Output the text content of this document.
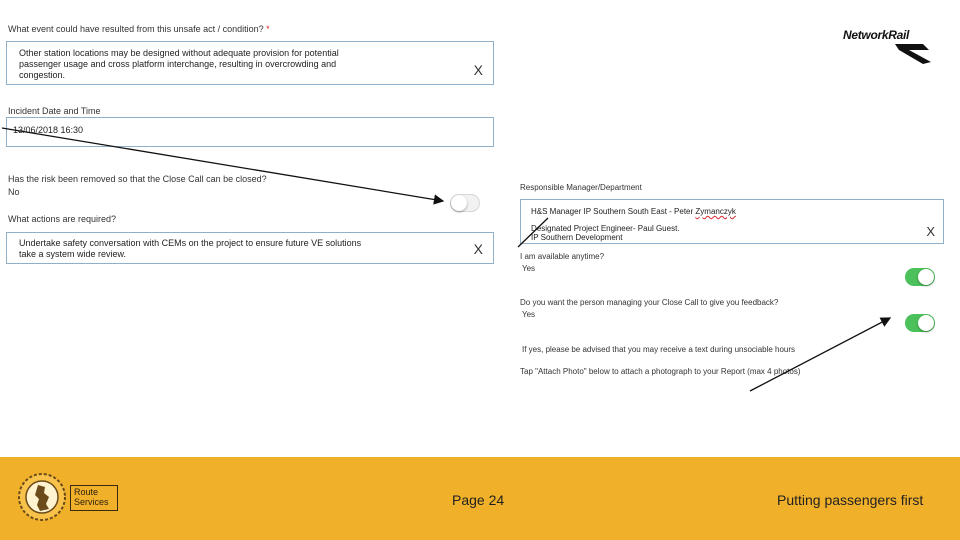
What event could have resulted from this unsafe act / condition? *
Other station locations may be designed without adequate provision for potential
passenger usage and cross platform interchange, resulting in overcrowding and
congestion.	X
Incident Date and Time
13/06/2018 16:30
Has the risk been removed so that the Close Call can be closed?
No
What actions are required?
Undertake safety conversation with CEMs on the project to ensure future VE solutions
take a system wide review.	X
NetworkRail
Responsible Manager/Department
H&S Manager IP Southern South East - Peter Zymanczyk
Designated Project Engineer- Paul Guest.
IP Southern Development	X
I am available anytime?
Yes
Do you want the person managing your Close Call to give you feedback?
Yes
If yes, please be advised that you may receive a text during unsociable hours
Tap "Attach Photo" below to attach a photograph to your Report (max 4 photos)
Route
Services	Page 24	Putting passengers first
